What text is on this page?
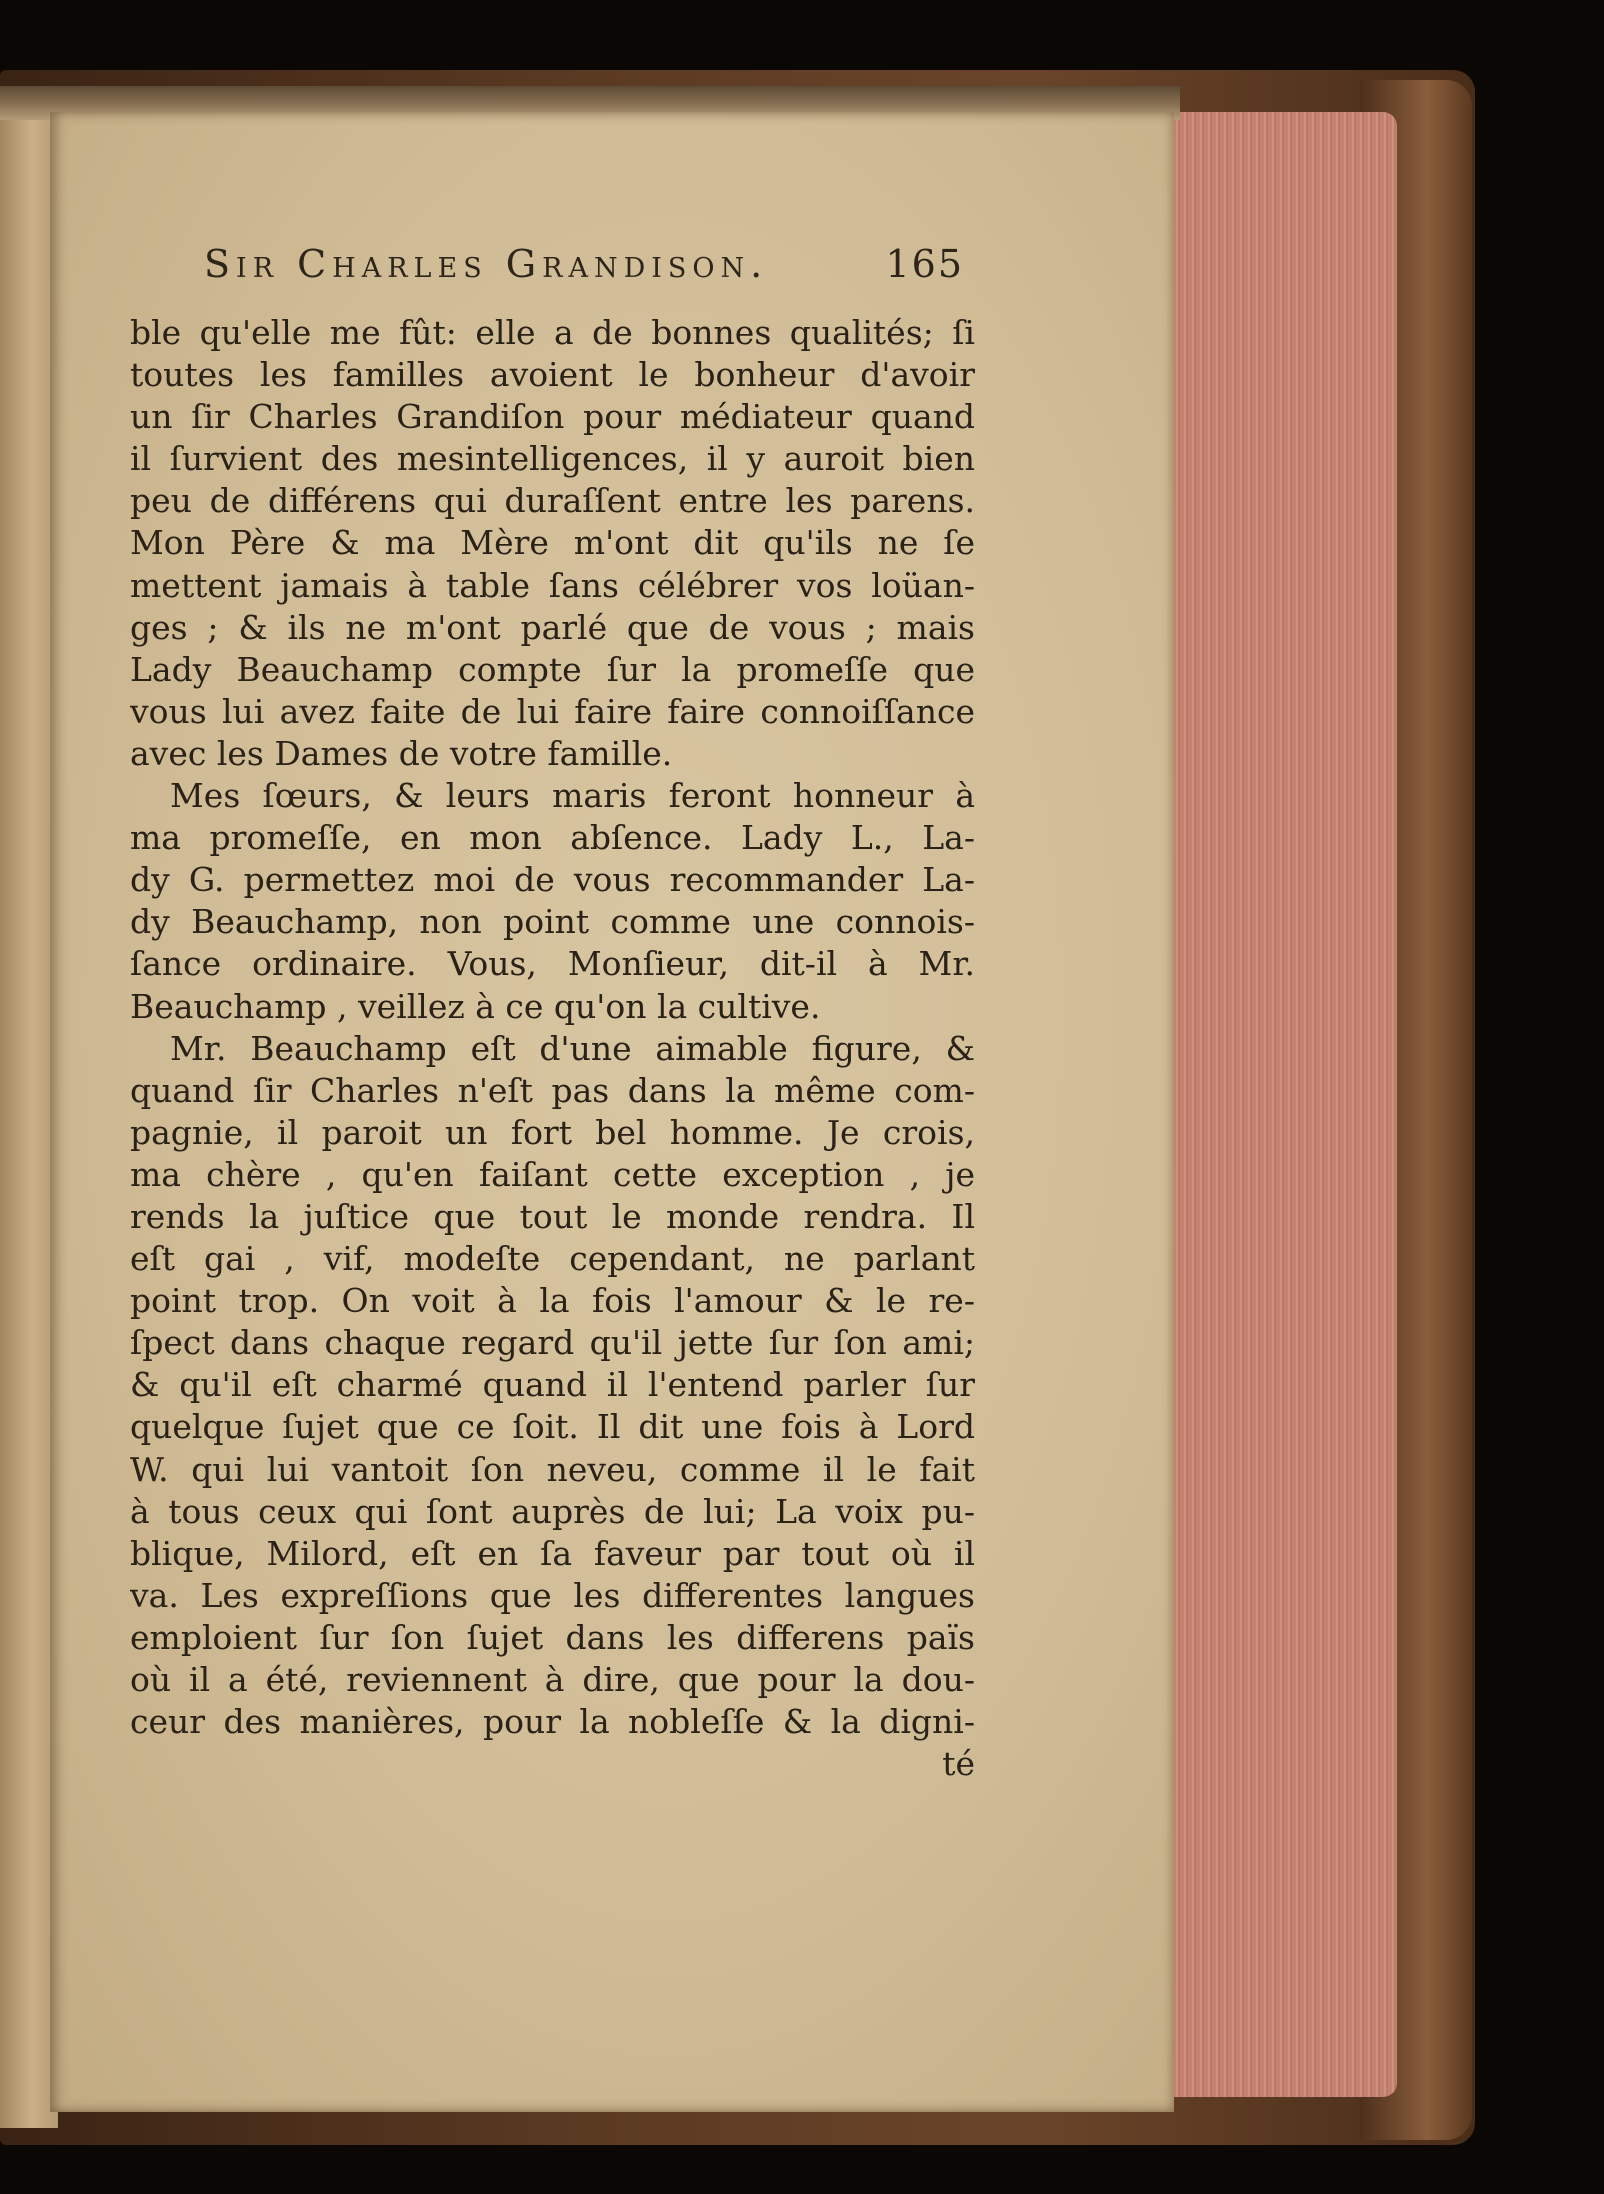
Sir Charles Grandison.	165
ble qu'elle me fût: elle a de bonnes qualités; ſi
toutes les familles avoient le bonheur d'avoir
un ſir Charles Grandiſon pour médiateur quand
il ſurvient des mesintelligences, il y auroit bien
peu de différens qui duraſſent entre les parens.
Mon Père & ma Mère m'ont dit qu'ils ne ſe
mettent jamais à table ſans célébrer vos loüan-
ges ; & ils ne m'ont parlé que de vous ; mais
Lady Beauchamp compte ſur la promeſſe que
vous lui avez faite de lui faire faire connoiſſance
avec les Dames de votre famille.
Mes ſœurs, & leurs maris feront honneur à
ma promeſſe, en mon abſence. Lady L., La-
dy G. permettez moi de vous recommander La-
dy Beauchamp, non point comme une connois-
ſance ordinaire. Vous, Monſieur, dit-il à Mr.
Beauchamp , veillez à ce qu'on la cultive.
Mr. Beauchamp eſt d'une aimable figure, &
quand ſir Charles n'eſt pas dans la même com-
pagnie, il paroit un fort bel homme. Je crois,
ma chère , qu'en faiſant cette exception , je
rends la juſtice que tout le monde rendra. Il
eſt gai , vif, modeſte cependant, ne parlant
point trop. On voit à la fois l'amour & le re-
ſpect dans chaque regard qu'il jette ſur ſon ami;
& qu'il eſt charmé quand il l'entend parler ſur
quelque ſujet que ce ſoit. Il dit une fois à Lord
W. qui lui vantoit ſon neveu, comme il le fait
à tous ceux qui ſont auprès de lui; La voix pu-
blique, Milord, eſt en ſa faveur par tout où il
va. Les expreſſions que les differentes langues
emploient ſur ſon ſujet dans les differens païs
où il a été, reviennent à dire, que pour la dou-
ceur des manières, pour la nobleſſe & la digni-
té
